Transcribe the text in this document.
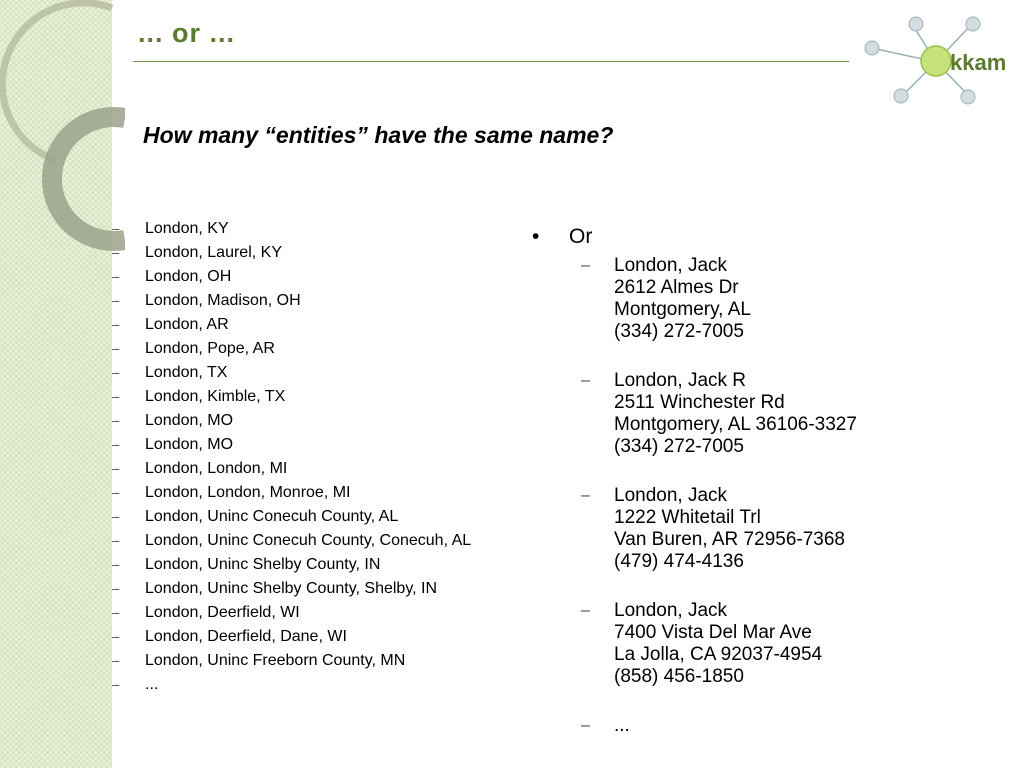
... or ...
kkam
How many “entities” have the same name?
– London, KY
– London, Laurel, KY
– London, OH
– London, Madison, OH
– London, AR
– London, Pope, AR
– London, TX
– London, Kimble, TX
– London, MO
– London, MO
– London, London, MI
– London, London, Monroe, MI
– London, Uninc Conecuh County, AL
– London, Uninc Conecuh County, Conecuh, AL
– London, Uninc Shelby County, IN
– London, Uninc Shelby County, Shelby, IN
– London, Deerfield, WI
– London, Deerfield, Dane, WI
– London, Uninc Freeborn County, MN
– ...
• Or
– London, Jack
2612 Almes Dr
Montgomery, AL
(334) 272-7005
– London, Jack R
2511 Winchester Rd
Montgomery, AL 36106-3327
(334) 272-7005
– London, Jack
1222 Whitetail Trl
Van Buren, AR 72956-7368
(479) 474-4136
– London, Jack
7400 Vista Del Mar Ave
La Jolla, CA 92037-4954
(858) 456-1850
– ...
